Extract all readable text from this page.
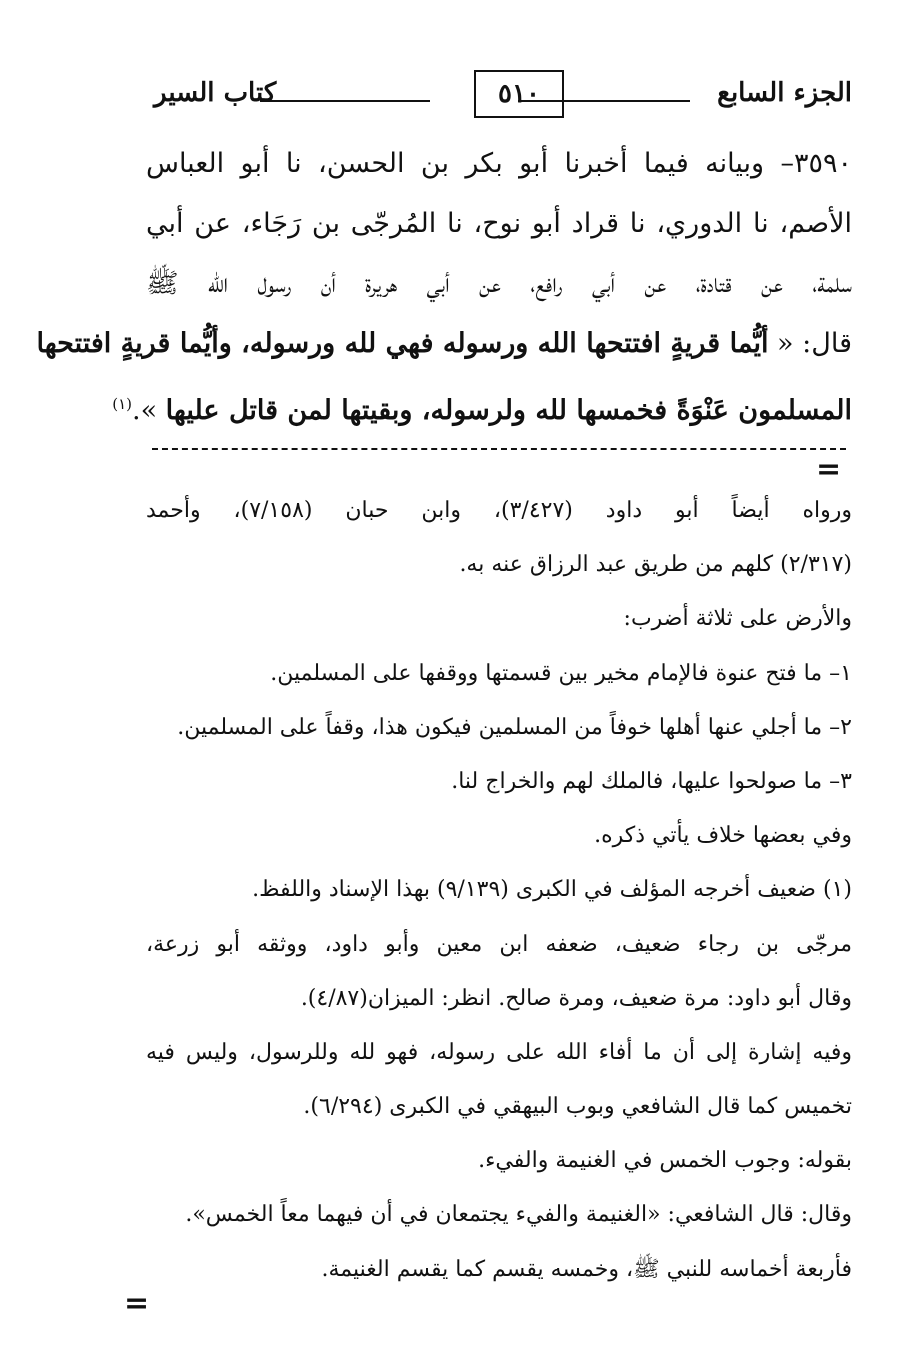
الجزء السابع
٥١٠
كتاب السير
٣٥٩٠– وبيانه فيما أخبرنا أبو بكر بن الحسن، نا أبو العباس
الأصم، نا الدوري، نا قراد أبو نوح، نا المُرجّى بن رَجَاء، عن أبي
سلمة، عن قتادة، عن أبي رافع، عن أبي هريرة أن رسول الله ﷺ
قال: « أيُّما قريةٍ افتتحها الله ورسوله فهي لله ورسوله، وأيُّما قريةٍ افتتحها
المسلمون عَنْوَةً فخمسها لله ولرسوله، وبقيتها لمن قاتل عليها ».$^{(١)}$
=
ورواه أيضاً أبو داود (٣/٤٢٧)، وابن حبان (٧/١٥٨)، وأحمد
(٢/٣١٧) كلهم من طريق عبد الرزاق عنه به.
والأرض على ثلاثة أضرب:
١– ما فتح عنوة فالإمام مخير بين قسمتها ووقفها على المسلمين.
٢– ما أجلي عنها أهلها خوفاً من المسلمين فيكون هذا، وقفاً على المسلمين.
٣– ما صولحوا عليها، فالملك لهم والخراج لنا.
وفي بعضها خلاف يأتي ذكره.
(١) ضعيف أخرجه المؤلف في الكبرى (٩/١٣٩) بهذا الإسناد واللفظ.
مرجّى بن رجاء ضعيف، ضعفه ابن معين وأبو داود، ووثقه أبو زرعة،
وقال أبو داود: مرة ضعيف، ومرة صالح. انظر: الميزان(٤/٨٧).
وفيه إشارة إلى أن ما أفاء الله على رسوله، فهو لله وللرسول، وليس فيه
تخميس كما قال الشافعي وبوب البيهقي في الكبرى (٦/٢٩٤).
بقوله: وجوب الخمس في الغنيمة والفيء.
وقال: قال الشافعي: «الغنيمة والفيء يجتمعان في أن فيهما معاً الخمس».
فأربعة أخماسه للنبي ﷺ، وخمسه يقسم كما يقسم الغنيمة.
=
